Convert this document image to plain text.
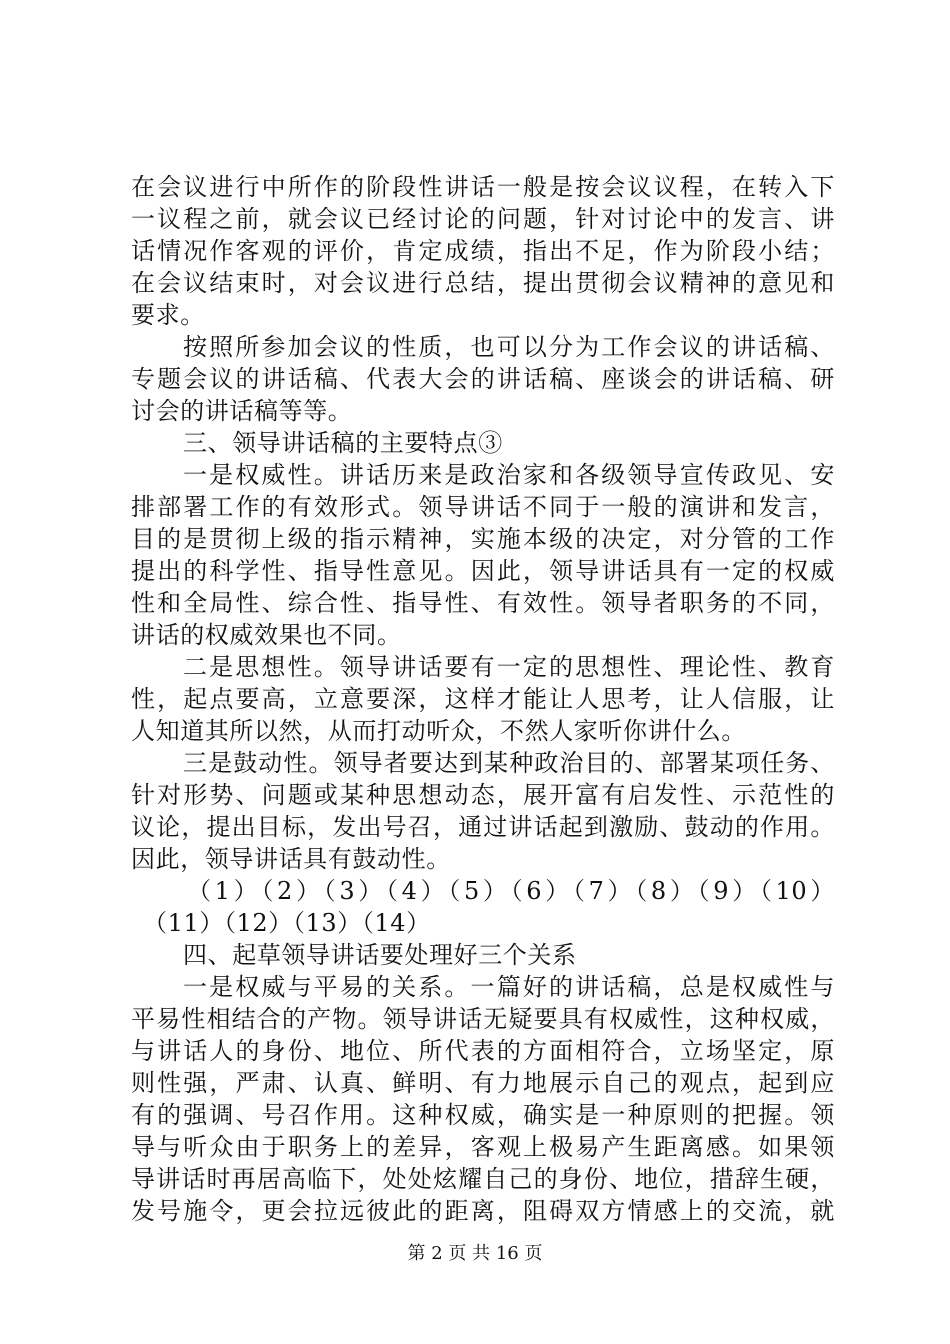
在会议进行中所作的阶段性讲话一般是按会议议程，在转入下
一议程之前，就会议已经讨论的问题，针对讨论中的发言、讲
话情况作客观的评价，肯定成绩，指出不足，作为阶段小结；
在会议结束时，对会议进行总结，提出贯彻会议精神的意见和
要求。
按照所参加会议的性质，也可以分为工作会议的讲话稿、
专题会议的讲话稿、代表大会的讲话稿、座谈会的讲话稿、研
讨会的讲话稿等等。
三、领导讲话稿的主要特点③
一是权威性。讲话历来是政治家和各级领导宣传政见、安
排部署工作的有效形式。领导讲话不同于一般的演讲和发言，
目的是贯彻上级的指示精神，实施本级的决定，对分管的工作
提出的科学性、指导性意见。因此，领导讲话具有一定的权威
性和全局性、综合性、指导性、有效性。领导者职务的不同，
讲话的权威效果也不同。
二是思想性。领导讲话要有一定的思想性、理论性、教育
性，起点要高，立意要深，这样才能让人思考，让人信服，让
人知道其所以然，从而打动听众，不然人家听你讲什么。
三是鼓动性。领导者要达到某种政治目的、部署某项任务、
针对形势、问题或某种思想动态，展开富有启发性、示范性的
议论，提出目标，发出号召，通过讲话起到激励、鼓动的作用。
因此，领导讲话具有鼓动性。
（1）（2）（3）（4）（5）（6）（7）（8）（9）（10）
（11）（12）（13）（14）
四、起草领导讲话要处理好三个关系
一是权威与平易的关系。一篇好的讲话稿，总是权威性与
平易性相结合的产物。领导讲话无疑要具有权威性，这种权威，
与讲话人的身份、地位、所代表的方面相符合，立场坚定，原
则性强，严肃、认真、鲜明、有力地展示自己的观点，起到应
有的强调、号召作用。这种权威，确实是一种原则的把握。领
导与听众由于职务上的差异，客观上极易产生距离感。如果领
导讲话时再居高临下，处处炫耀自己的身份、地位，措辞生硬，
发号施令，更会拉远彼此的距离，阻碍双方情感上的交流，就
第 2 页 共 16 页
